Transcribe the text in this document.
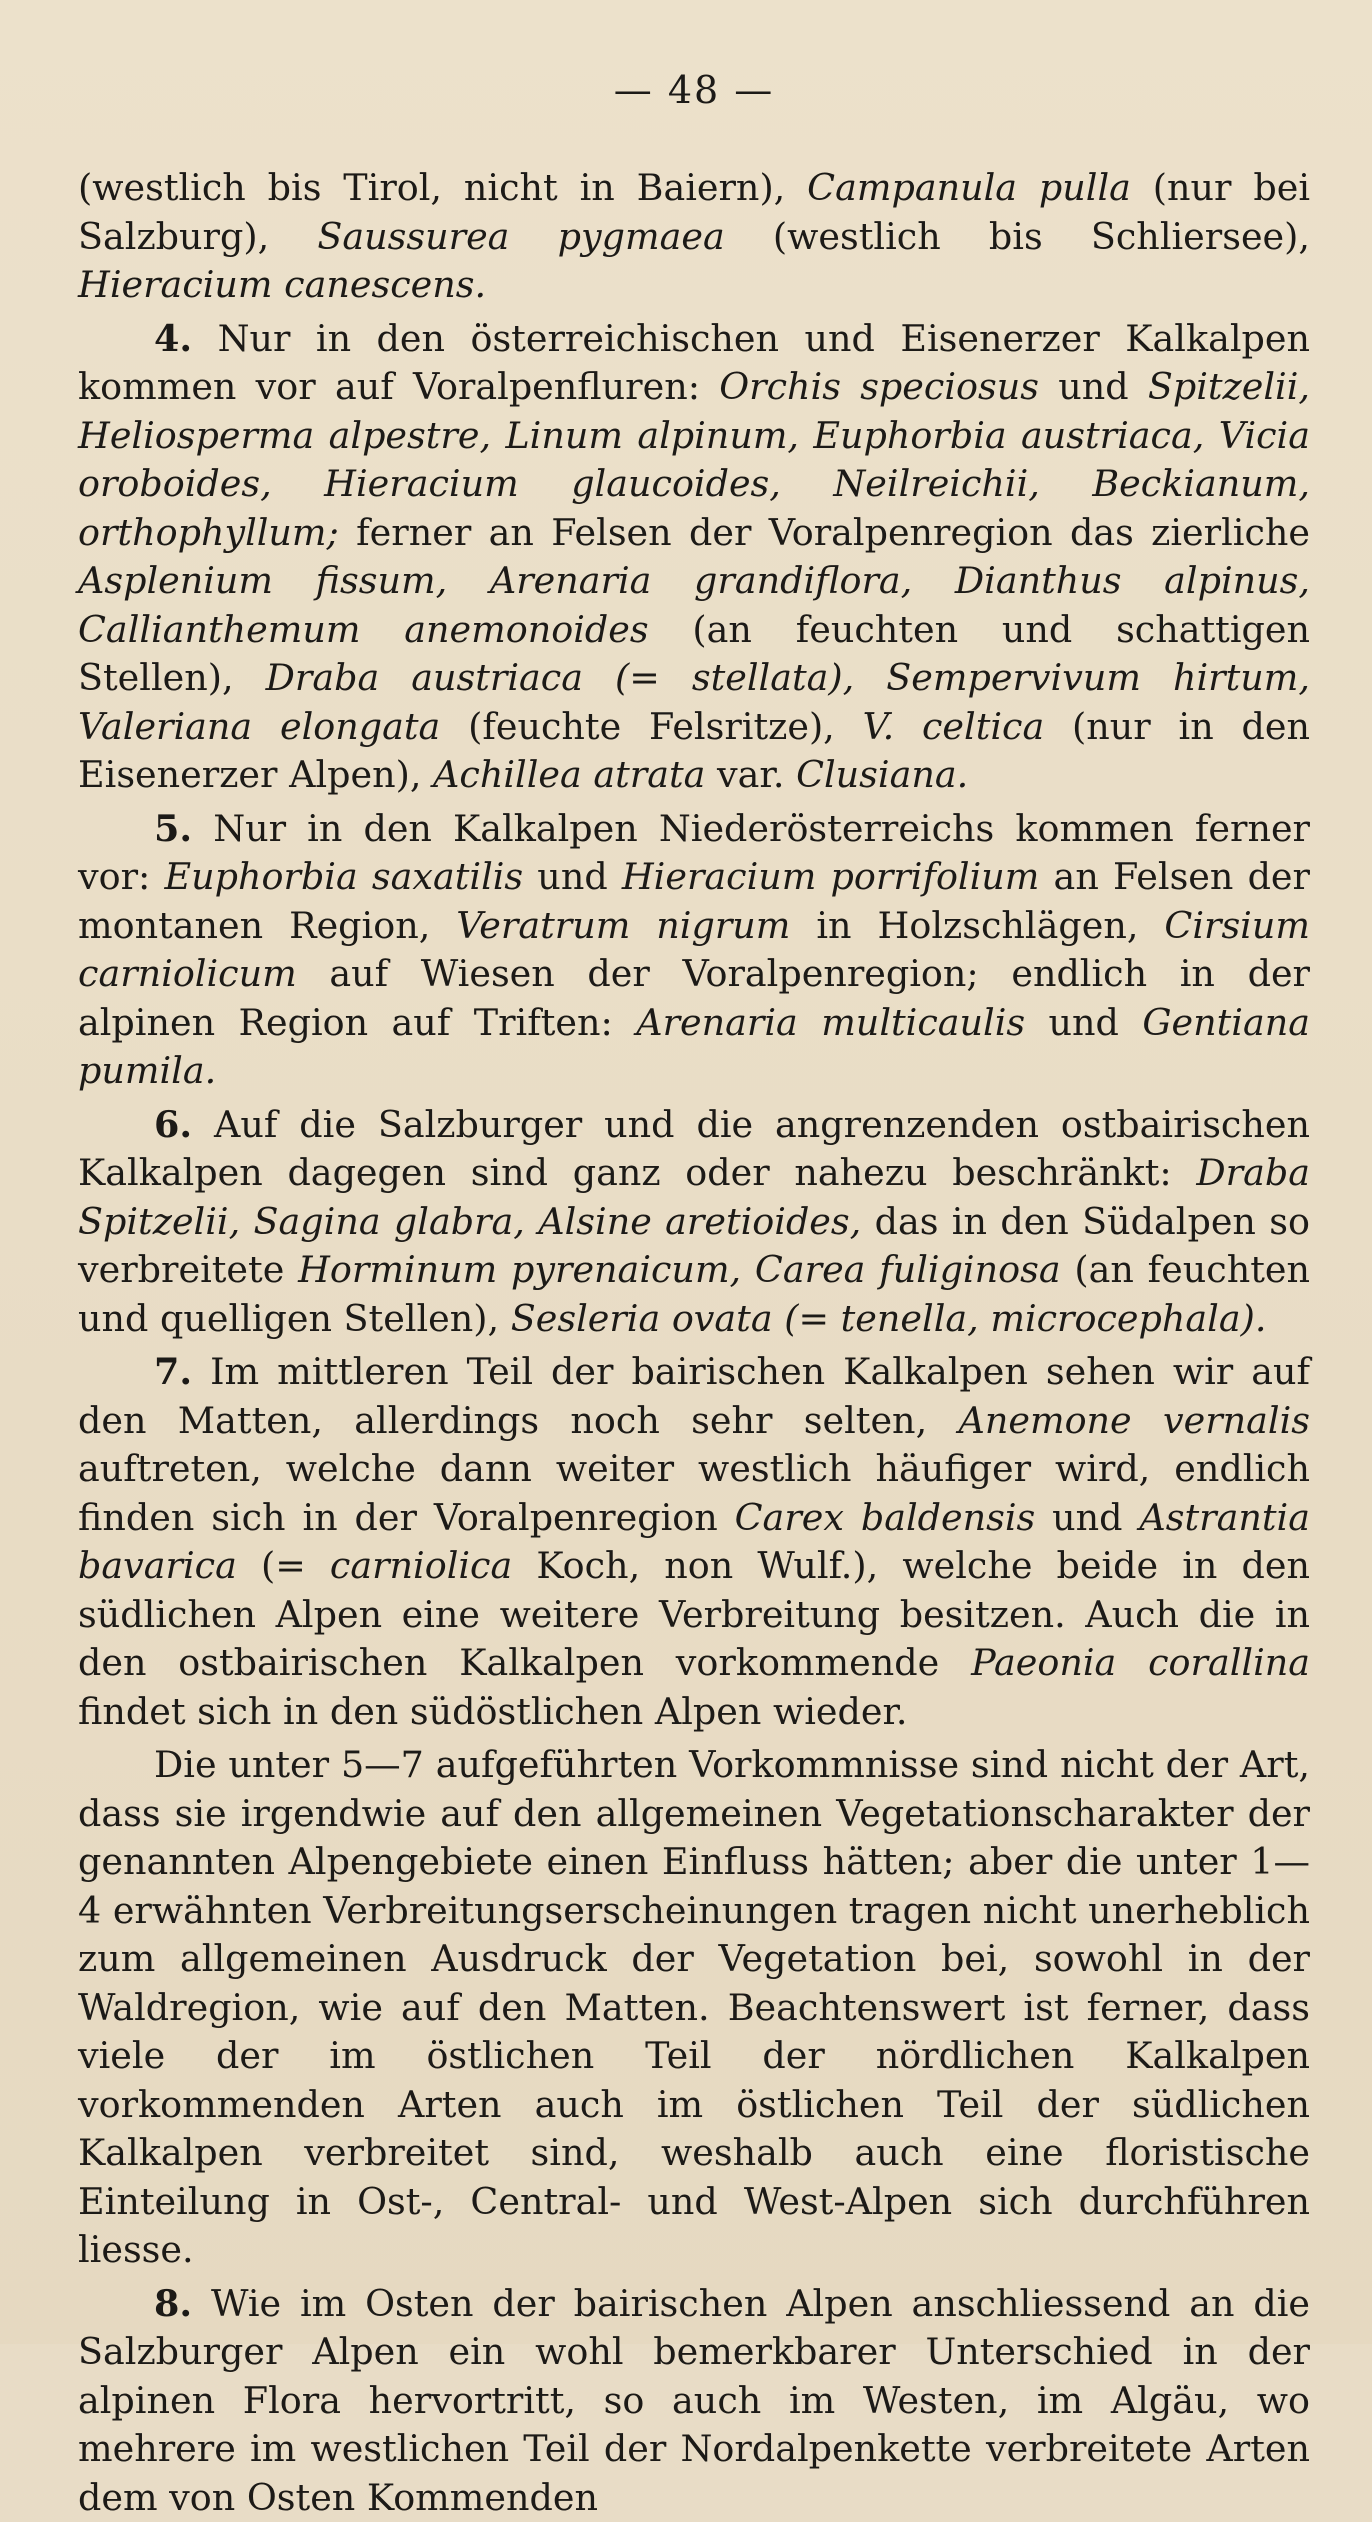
— 48 —

(westlich bis Tirol, nicht in Baiern), Campanula pulla (nur bei Salzburg), Saussurea pygmaea (westlich bis Schliersee), Hieracium canescens.

4. Nur in den österreichischen und Eisenerzer Kalkalpen kommen vor auf Voralpenfluren: Orchis speciosus und Spitzelii, Heliosperma alpestre, Linum alpinum, Euphorbia austriaca, Vicia oroboides, Hieracium glaucoides, Neilreichii, Beckianum, orthophyllum; ferner an Felsen der Voralpenregion das zierliche Asplenium fissum, Arenaria grandiflora, Dianthus alpinus, Callianthemum anemonoides (an feuchten und schattigen Stellen), Draba austriaca (= stellata), Sempervivum hirtum, Valeriana elongata (feuchte Felsritze), V. celtica (nur in den Eisenerzer Alpen), Achillea atrata var. Clusiana.

5. Nur in den Kalkalpen Niederösterreichs kommen ferner vor: Euphorbia saxatilis und Hieracium porrifolium an Felsen der montanen Region, Veratrum nigrum in Holzschlägen, Cirsium carniolicum auf Wiesen der Voralpenregion; endlich in der alpinen Region auf Triften: Arenaria multicaulis und Gentiana pumila.

6. Auf die Salzburger und die angrenzenden ostbairischen Kalkalpen dagegen sind ganz oder nahezu beschränkt: Draba Spitzelii, Sagina glabra, Alsine aretioides, das in den Südalpen so verbreitete Horminum pyrenaicum, Carea fuliginosa (an feuchten und quelligen Stellen), Sesleria ovata (= tenella, microcephala).

7. Im mittleren Teil der bairischen Kalkalpen sehen wir auf den Matten, allerdings noch sehr selten, Anemone vernalis auftreten, welche dann weiter westlich häufiger wird, endlich finden sich in der Voralpenregion Carex baldensis und Astrantia bavarica (= carniolica Koch, non Wulf.), welche beide in den südlichen Alpen eine weitere Verbreitung besitzen. Auch die in den ostbairischen Kalkalpen vorkommende Paeonia corallina findet sich in den südöstlichen Alpen wieder.

Die unter 5—7 aufgeführten Vorkommnisse sind nicht der Art, dass sie irgendwie auf den allgemeinen Vegetationscharakter der genannten Alpengebiete einen Einfluss hätten; aber die unter 1—4 erwähnten Verbreitungserscheinungen tragen nicht unerheblich zum allgemeinen Ausdruck der Vegetation bei, sowohl in der Waldregion, wie auf den Matten. Beachtenswert ist ferner, dass viele der im östlichen Teil der nördlichen Kalkalpen vorkommenden Arten auch im östlichen Teil der südlichen Kalkalpen verbreitet sind, weshalb auch eine floristische Einteilung in Ost-, Central- und West-Alpen sich durchführen liesse.

8. Wie im Osten der bairischen Alpen anschliessend an die Salzburger Alpen ein wohl bemerkbarer Unterschied in der alpinen Flora hervortritt, so auch im Westen, im Algäu, wo mehrere im westlichen Teil der Nordalpenkette verbreitete Arten dem von Osten Kommenden
